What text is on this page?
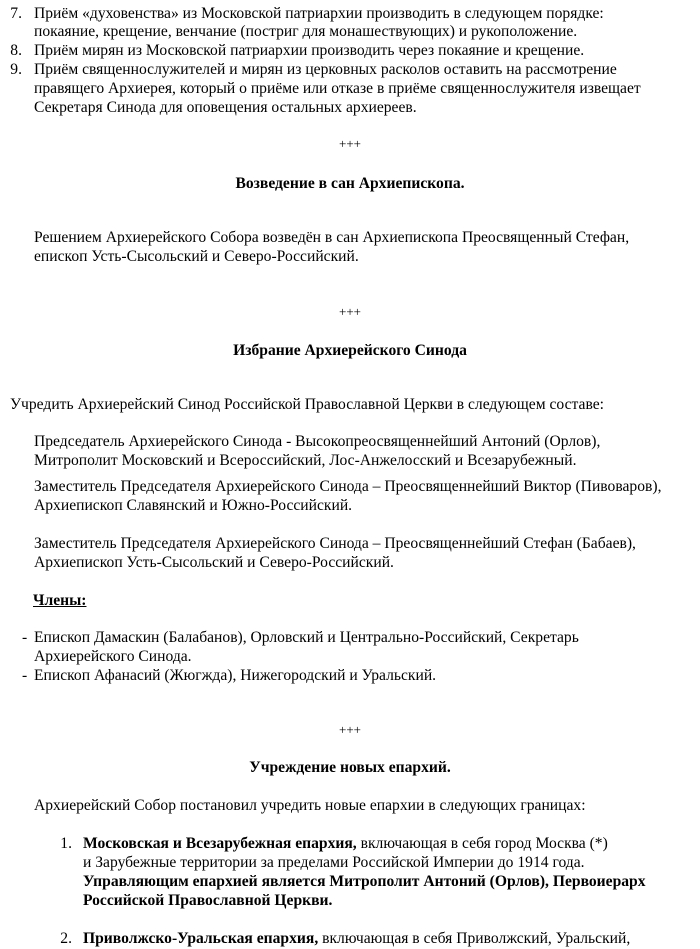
7. Приём «духовенства» из Московской патриархии производить в следующем порядке:
покаяние, крещение, венчание (постриг для монашествующих) и рукоположение.
8. Приём мирян из Московской патриархии производить через покаяние и крещение.
9. Приём священнослужителей и мирян из церковных расколов оставить на рассмотрение
правящего Архиерея, который о приёме или отказе в приёме священнослужителя извещает
Секретаря Синода для оповещения остальных архиереев.
+++
Возведение в сан Архиепископа.
Решением Архиерейского Собора возведён в сан Архиепископа Преосвященный Стефан,
епископ Усть-Сысольский и Северо-Российский.
+++
Избрание Архиерейского Синода
Учредить Архиерейский Синод Российской Православной Церкви в следующем составе:
Председатель Архиерейского Синода - Высокопреосвященнейший Антоний (Орлов),
Митрополит Московский и Всероссийский, Лос-Анжелосский и Всезарубежный.
Заместитель Председателя Архиерейского Синода – Преосвященнейший Виктор (Пивоваров),
Архиепископ Славянский и Южно-Российский.
Заместитель Председателя Архиерейского Синода – Преосвященнейший Стефан (Бабаев),
Архиепископ Усть-Сысольский и Северо-Российский.
Члены:
- Епископ Дамаскин (Балабанов), Орловский и Центрально-Российский, Секретарь
Архиерейского Синода.
- Епископ Афанасий (Жюгжда), Нижегородский и Уральский.
+++
Учреждение новых епархий.
Архиерейский Собор постановил учредить новые епархии в следующих границах:
1. Московская и Всезарубежная епархия, включающая в себя город Москва (*)
и Зарубежные территории за пределами Российской Империи до 1914 года.
Управляющим епархией является Митрополит Антоний (Орлов), Первоиерарх
Российской Православной Церкви.
2. Приволжско-Уральская епархия, включающая в себя Приволжский, Уральский,
